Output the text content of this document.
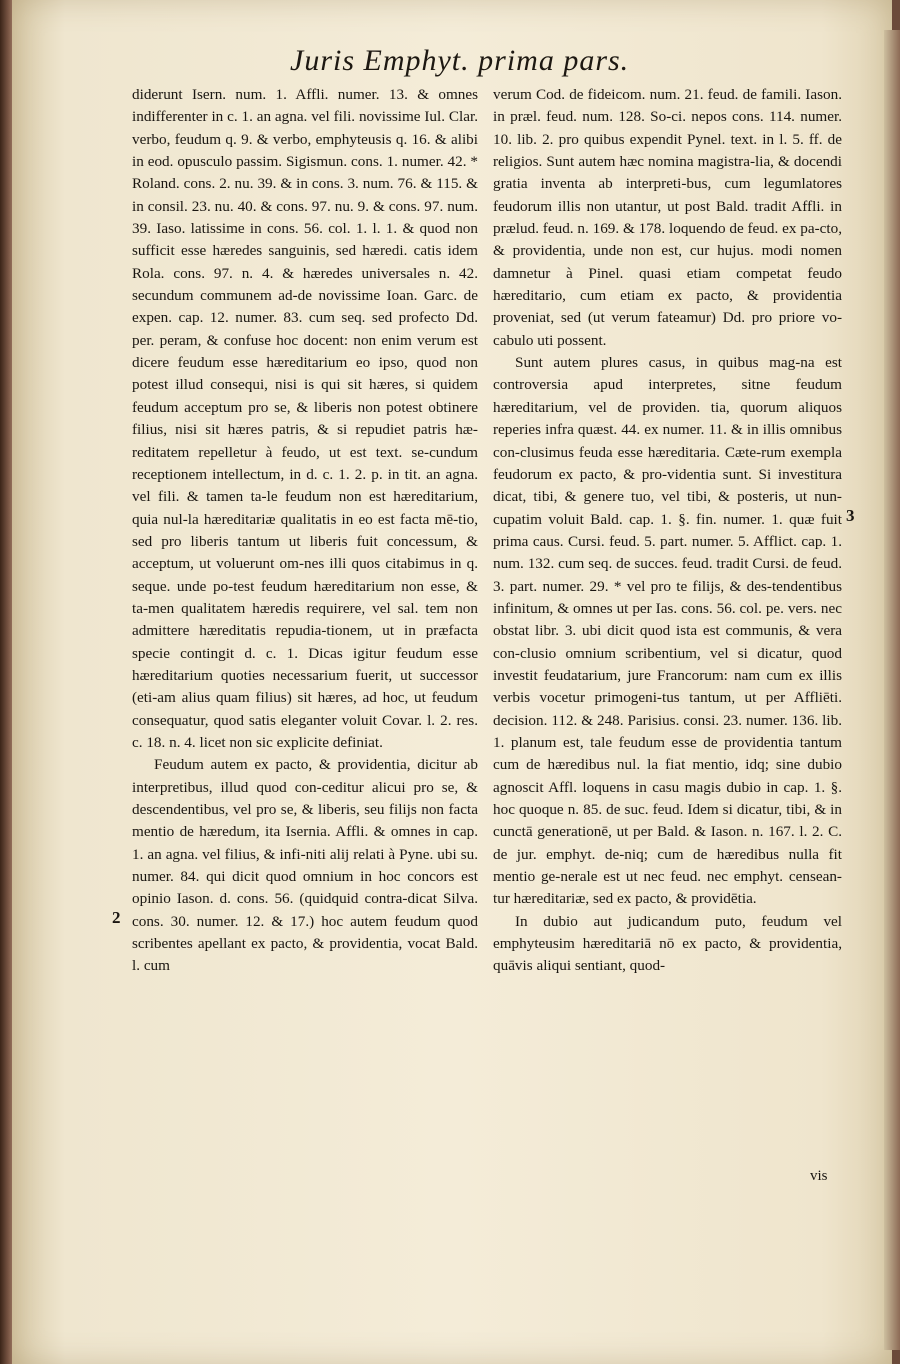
Juris Emphyt. prima pars.

diderunt Isern. num. 1. Affli. numer. 13. & omnes indifferenter in c. 1. an agna. vel fili. novissime Iul. Clar. verbo, feudum q. 9. & verbo, emphyteusis q. 16. & alibi in eod. opusculo passim. Sigismun. cons. 1. numer. 42. * Roland. cons. 2. nu. 39. & in cons. 3. num. 76. & 115. & in consil. 23. nu. 40. & cons. 97. nu. 9. & cons. 97. num. 39. Iaso. latissime in cons. 56. col. 1. l. 1. & quod non sufficit esse hæredes sanguinis, sed hæredi. catis idem Rola. cons. 97. n. 4. & hæredes universales n. 42. secundum communem ad-de novissime Ioan. Garc. de expen. cap. 12. numer. 83. cum seq. sed profecto Dd. per. peram, & confuse hoc docent: non enim verum est dicere feudum esse hæreditarium eo ipso, quod non potest illud consequi, nisi is qui sit hæres, si quidem feudum acceptum pro se, & liberis non potest obtinere filius, nisi sit hæres patris, & si repudiet patris hæ-reditatem repelletur à feudo, ut est text. se-cundum receptionem intellectum, in d. c. 1. 2. p. in tit. an agna. vel fili. & tamen ta-le feudum non est hæreditarium, quia nul-la hæreditariæ qualitatis in eo est facta mē-tio, sed pro liberis tantum ut liberis fuit concessum, & acceptum, ut voluerunt om-nes illi quos citabimus in q. seque. unde po-test feudum hæreditarium non esse, & ta-men qualitatem hæredis requirere, vel sal. tem non admittere hæreditatis repudia-tionem, ut in præfacta specie contingit d. c. 1. Dicas igitur feudum esse hæreditarium quoties necessarium fuerit, ut successor (eti-am alius quam filius) sit hæres, ad hoc, ut feudum consequatur, quod satis eleganter voluit Covar. l. 2. res. c. 18. n. 4. licet non sic explicite definiat.

Feudum autem ex pacto, & providentia, dicitur ab interpretibus, illud quod con-ceditur alicui pro se, & descendentibus, vel pro se, & liberis, seu filijs non facta mentio de hæredum, ita Isernia. Affli. & omnes in cap. 1. an agna. vel filius, & infi-niti alij relati à Pyne. ubi su. numer. 84. qui dicit quod omnium in hoc concors est opinio Iason. d. cons. 56. (quidquid contra-dicat Silva. cons. 30. numer. 12. & 17.) hoc autem feudum quod scribentes apellant ex pacto, & providentia, vocat Bald. l. cum

2

verum Cod. de fideicom. num. 21. feud. de famili. Iason. in præl. feud. num. 128. So-ci. nepos cons. 114. numer. 10. lib. 2. pro quibus expendit Pynel. text. in l. 5. ff. de religios. Sunt autem hæc nomina magistra-lia, & docendi gratia inventa ab interpreti-bus, cum legumlatores feudorum illis non utantur, ut post Bald. tradit Affli. in prælud. feud. n. 169. & 178. loquendo de feud. ex pa-cto, & providentia, unde non est, cur hujus. modi nomen damnetur à Pinel. quasi etiam competat feudo hæreditario, cum etiam ex pacto, & providentia proveniat, sed (ut verum fateamur) Dd. pro priore vo-cabulo uti possent.

Sunt autem plures casus, in quibus mag-na est controversia apud interpretes, sitne feudum hæreditarium, vel de providen. tia, quorum aliquos reperies infra quæst. 44. ex numer. 11. & in illis omnibus con-clusimus feuda esse hæreditaria. Cæte-rum exempla feudorum ex pacto, & pro-videntia sunt. Si investitura dicat, tibi, & genere tuo, vel tibi, & posteris, ut nun-cupatim voluit Bald. cap. 1. §. fin. numer. 1. quæ fuit prima caus. Cursi. feud. 5. part. numer. 5. Afflict. cap. 1. num. 132. cum seq. de succes. feud. tradit Cursi. de feud. 3. part. numer. 29. * vel pro te filijs, & des-tendentibus infinitum, & omnes ut per Ias. cons. 56. col. pe. vers. nec obstat libr. 3. ubi dicit quod ista est communis, & vera con-clusio omnium scribentium, vel si dicatur, quod investit feudatarium, jure Francorum: nam cum ex illis verbis vocetur primogeni-tus tantum, ut per Affliēti. decision. 112. & 248. Parisius. consi. 23. numer. 136. lib. 1. planum est, tale feudum esse de providentia tantum cum de hæredibus nul. la fiat mentio, idq; sine dubio agnoscit Affl. loquens in casu magis dubio in cap. 1. §. hoc quoque n. 85. de suc. feud. Idem si dicatur, tibi, & in cunctā generationē, ut per Bald. & Iason. n. 167. l. 2. C. de jur. emphyt. de-niq; cum de hæredibus nulla fit mentio ge-nerale est ut nec feud. nec emphyt. censean-tur hæreditariæ, sed ex pacto, & providētia.

In dubio aut judicandum puto, feudum vel emphyteusim hæreditariā nō ex pacto, & providentia, quāvis aliqui sentiant, quod-

3
vis
